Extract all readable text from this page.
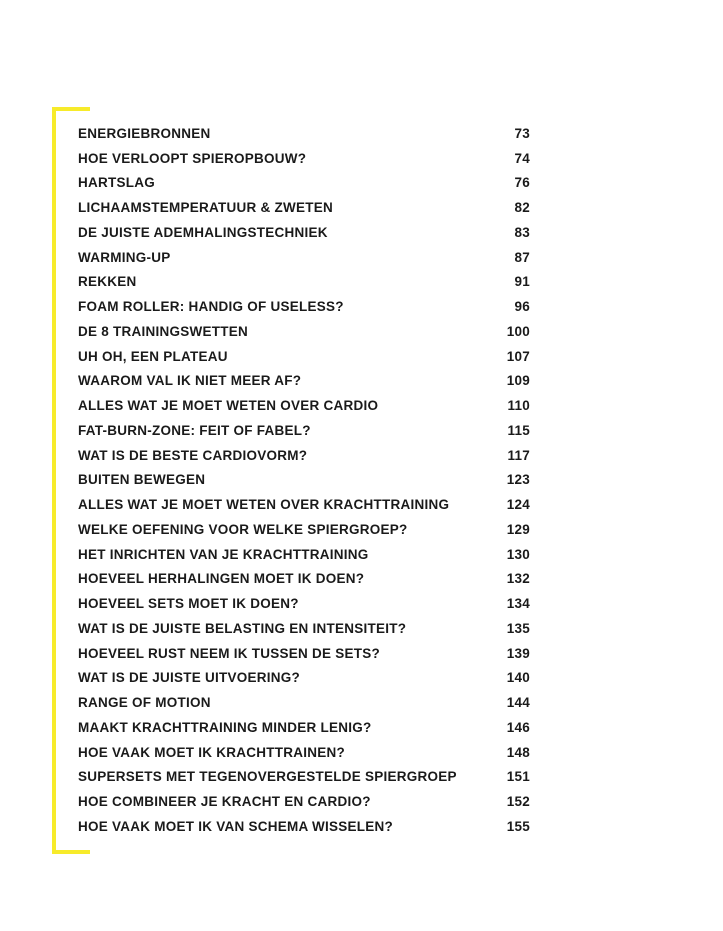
ENERGIEBRONNEN	73
HOE VERLOOPT SPIEROPBOUW?	74
HARTSLAG	76
LICHAAMSTEMPERATUUR & ZWETEN	82
DE JUISTE ADEMHALINGSTECHNIEK	83
WARMING-UP	87
REKKEN	91
FOAM ROLLER: HANDIG OF USELESS?	96
DE 8 TRAININGSWETTEN	100
UH OH, EEN PLATEAU	107
WAAROM VAL IK NIET MEER AF?	109
ALLES WAT JE MOET WETEN OVER CARDIO	110
FAT-BURN-ZONE: FEIT OF FABEL?	115
WAT IS DE BESTE CARDIOVORM?	117
BUITEN BEWEGEN	123
ALLES WAT JE MOET WETEN OVER KRACHTTRAINING	124
WELKE OEFENING VOOR WELKE SPIERGROEP?	129
HET INRICHTEN VAN JE KRACHTTRAINING	130
HOEVEEL HERHALINGEN MOET IK DOEN?	132
HOEVEEL SETS MOET IK DOEN?	134
WAT IS DE JUISTE BELASTING EN INTENSITEIT?	135
HOEVEEL RUST NEEM IK TUSSEN DE SETS?	139
WAT IS DE JUISTE UITVOERING?	140
RANGE OF MOTION	144
MAAKT KRACHTTRAINING MINDER LENIG?	146
HOE VAAK MOET IK KRACHTTRAINEN?	148
SUPERSETS MET TEGENOVERGESTELDE SPIERGROEP	151
HOE COMBINEER JE KRACHT EN CARDIO?	152
HOE VAAK MOET IK VAN SCHEMA WISSELEN?	155
